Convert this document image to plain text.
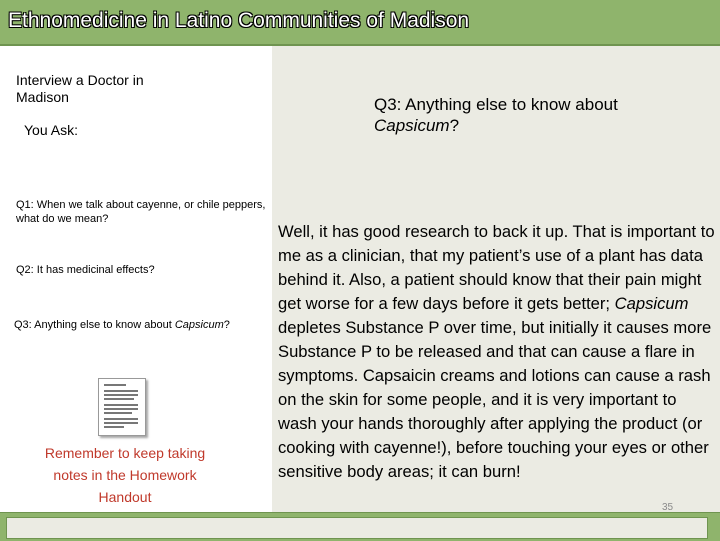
Ethnomedicine in Latino Communities of Madison
Interview a Doctor in Madison
You Ask:
Q1: When we talk about cayenne, or chile peppers, what do we mean?
Q2: It has medicinal effects?
Q3: Anything else to know about Capsicum?
Remember to keep taking notes in the Homework Handout
Q3: Anything else to know about Capsicum?
Well, it has good research to back it up. That is important to me as a clinician, that my patient’s use of a plant has data behind it. Also, a patient should know that their pain might get worse for a few days before it gets better; Capsicum depletes Substance P over time, but initially it causes more Substance P to be released and that can cause a flare in symptoms. Capsaicin creams and lotions can cause a rash on the skin for some people, and it is very important to wash your hands thoroughly after applying the product (or cooking with cayenne!), before touching your eyes or other sensitive body areas; it can burn!
35
